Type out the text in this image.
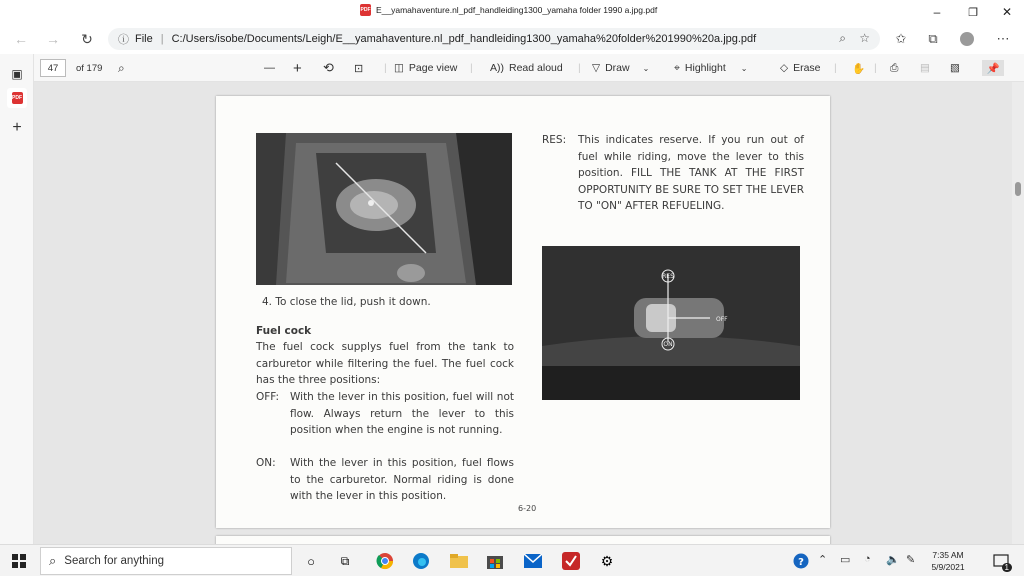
PDF E__yamahaventure.nl_pdf_handleiding1300_yamaha folder 1990 a.jpg.pdf	–	❐	✕
← →	↻	ⓘ File | C:/Users/isobe/Documents/Leigh/E__yamahaventure.nl_pdf_handleiding1300_yamaha%20folder%201990%20a.jpg.pdf	⌕ ☆	✩	⧉	⋯
▣
PDF
+
47	of 179 ⌕	— + ⟲ ⊡ | ◫ Page view | A)) Read aloud | ▽ Draw ⌄ ⌖ Highlight ⌄	◇ Erase | ✋ | ⎙ ▤ ▧	📌
4. To close the lid, push it down.
Fuel cock
The fuel cock supplys fuel from the tank to carburetor while filtering the fuel. The fuel cock has the three positions:
OFF: With the lever in this position, fuel will not flow. Always return the lever to this position when the engine is not running.
ON: With the lever in this position, fuel flows to the carburetor. Normal riding is done with the lever in this position.
RES: This indicates reserve. If you run out of fuel while riding, move the lever to this position. FILL THE TANK AT THE FIRST OPPORTUNITY BE SURE TO SET THE LEVER TO "ON" AFTER REFUELING.
RES
OFF
ON
6-20
⌕ Search for anything	○	⧉	⚙	? ⌃ ▭ ◔ 🔈 ✎	7:35 AM
5/9/2021	1
